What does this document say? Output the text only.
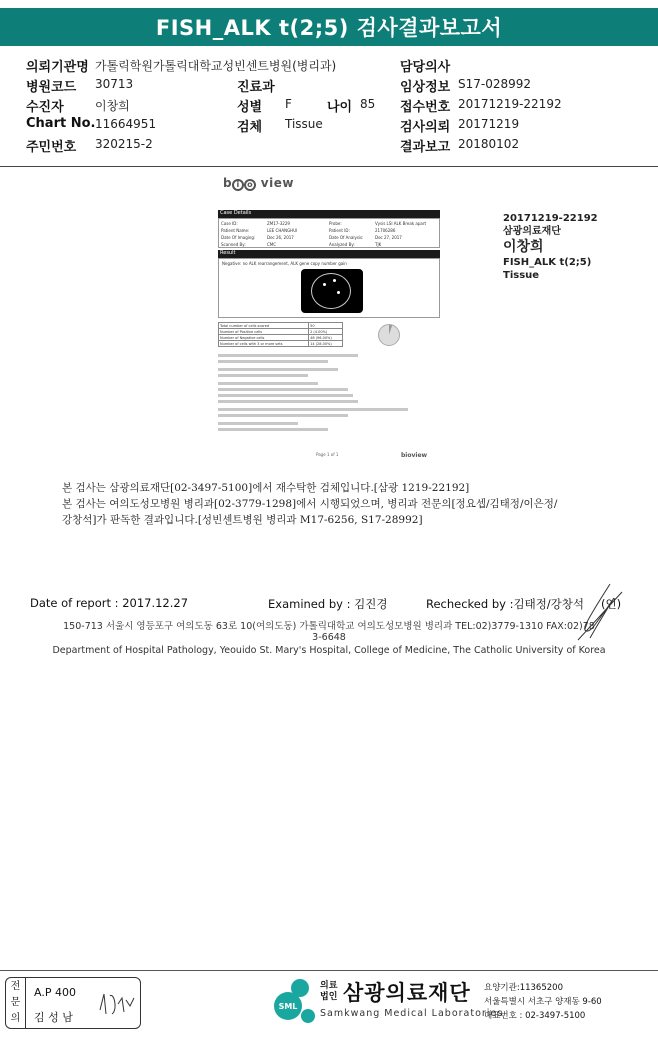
FISH_ALK t(2;5) 검사결과보고서
의뢰기관명 가톨릭학원가톨릭대학교성빈센트병원(병리과)	담당의사
병원코드 30713	진료과	임상정보 S17-028992
수진자	이창희	성별 F	나이 85 접수번호 20171219-22192
Chart No. 11664951	검체 Tissue	검사의뢰 20171219
주민번호 320215-2	결과보고 20180102
b i o view
Case Details
Case ID:	ZM17-3229	Probe:	Vysis LSI ALK Break apart
Patient Name:	LEE CHANGHUI	Patient ID:	21706286
Date Of Imaging:	Dec 26, 2017	Date Of Analysis:	Dec 27, 2017
Scanned By:	CMC	Analyzed By:	TJK
Result
Negative: no ALK rearrangement, ALK gene copy number gain
Total number of cells scored	50
Number of Positive cells	2 (4.00%)
Number of Negative cells	48 (96.00%)
Number of cells with 3 or more sets	14 (28.00%)
Page 1 of 1	bioview
20171219-22192
삼광의료재단
이창희
FISH_ALK t(2;5)
Tissue
본 검사는 삼광의료재단[02-3497-5100]에서 재수탁한 검체입니다.[삼광 1219-22192]
본 검사는 여의도성모병원 병리과[02-3779-1298]에서 시행되었으며, 병리과 전문의[정요셉/김태정/이은정/
강창석]가 판독한 결과입니다.[성빈센트병원 병리과 M17-6256, S17-28992]
Date of report : 2017.12.27	Examined by : 김진경	Rechecked by :김태정/강창석 (인)
150-713 서울시 영등포구 여의도동 63로 10(여의도동) 가톨릭대학교 여의도성모병원 병리과 TEL:02)3779-1310 FAX:02)78
3-6648
Department of Hospital Pathology, Yeouido St. Mary's Hospital, College of Medicine, The Catholic University of Korea
전
문
의
A.P 400
김 성 남
SML
의료
법인 삼광의료재단
Samkwang Medical Laboratories
요양기관:11365200
서울특별시 서초구 양재동 9-60
대표번호 : 02-3497-5100
